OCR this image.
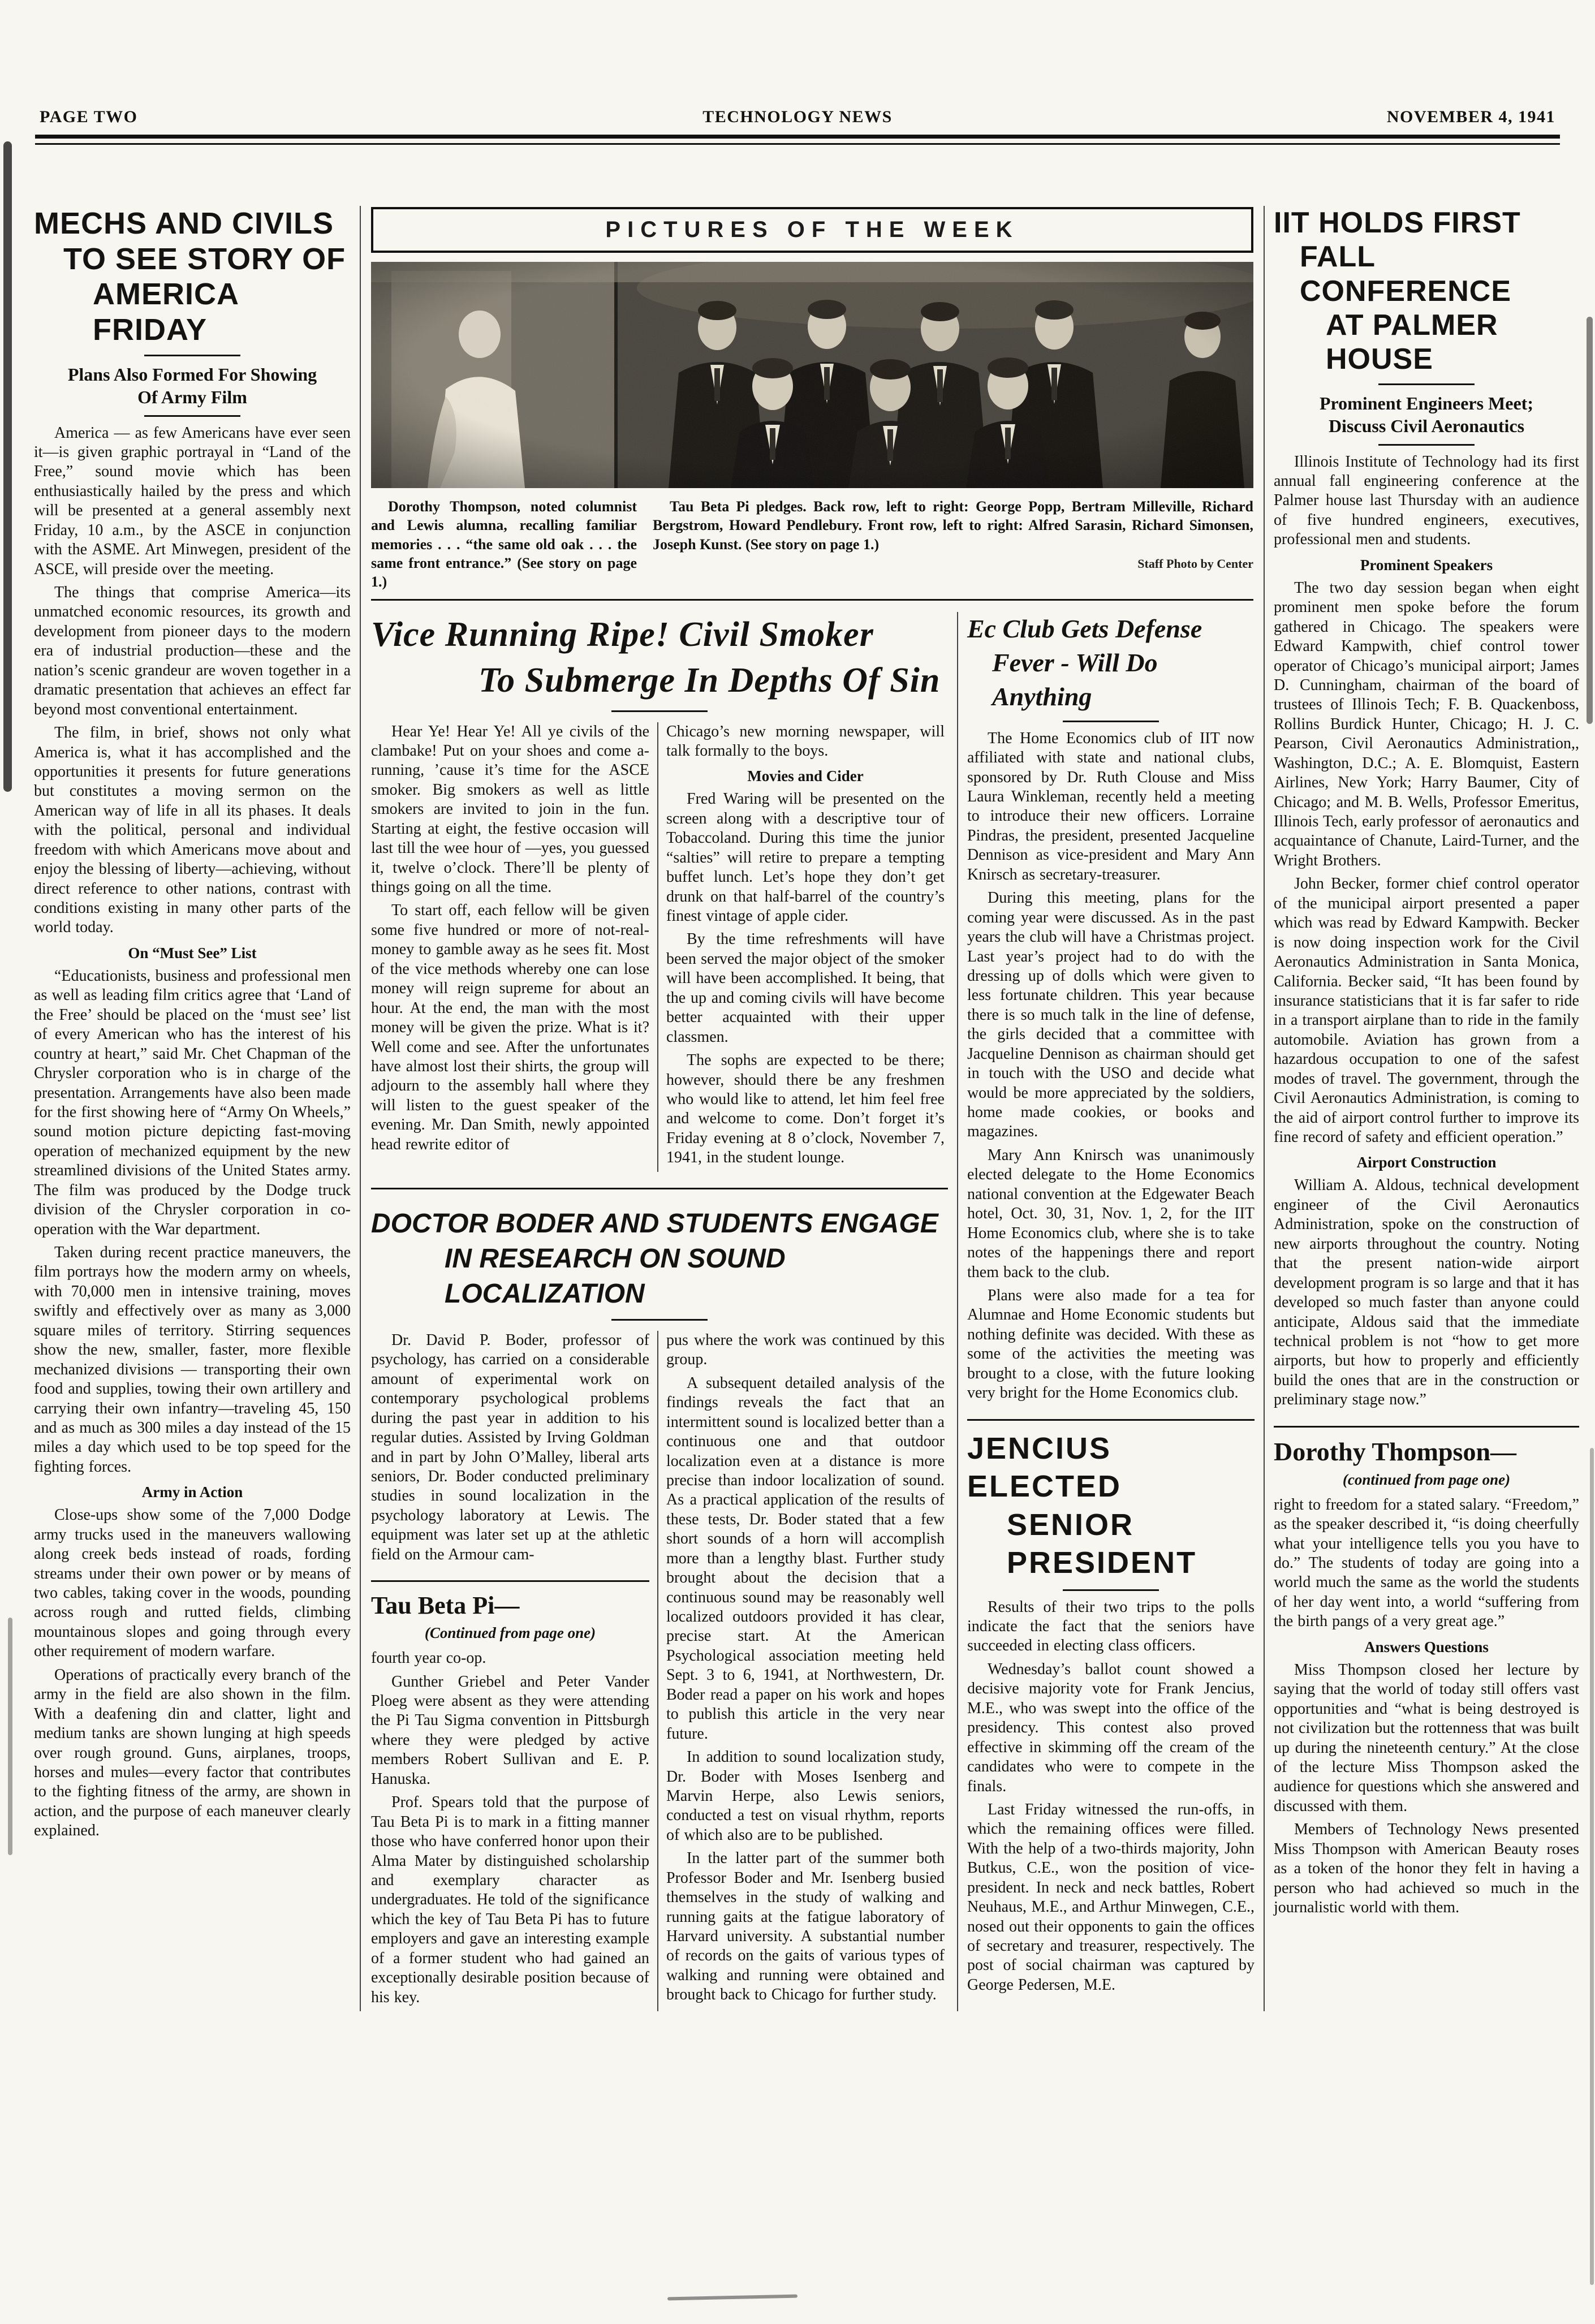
PAGE TWO	TECHNOLOGY NEWS	NOVEMBER 4, 1941
MECHS AND CIVILS
TO SEE STORY OF
AMERICA FRIDAY
Plans Also Formed For Showing
Of Army Film

America — as few Americans have ever seen it—is given graphic portrayal in “Land of the Free,” sound movie which has been enthusiastically hailed by the press and which will be presented at a general assembly next Friday, 10 a.m., by the ASCE in conjunction with the ASME. Art Minwegen, president of the ASCE, will preside over the meeting.

The things that comprise America—its unmatched economic resources, its growth and development from pioneer days to the modern era of industrial production—these and the nation’s scenic grandeur are woven together in a dramatic presentation that achieves an effect far beyond most conventional entertainment.

The film, in brief, shows not only what America is, what it has accomplished and the opportunities it presents for future generations but constitutes a moving sermon on the American way of life in all its phases. It deals with the political, personal and individual freedom with which Americans move about and enjoy the blessing of liberty—achieving, without direct reference to other nations, contrast with conditions existing in many other parts of the world today.

On “Must See” List

“Educationists, business and professional men as well as leading film critics agree that ‘Land of the Free’ should be placed on the ‘must see’ list of every American who has the interest of his country at heart,” said Mr. Chet Chapman of the Chrysler corporation who is in charge of the presentation. Arrangements have also been made for the first showing here of “Army On Wheels,” sound motion picture depicting fast-moving operation of mechanized equipment by the new streamlined divisions of the United States army. The film was produced by the Dodge truck division of the Chrysler corporation in co-operation with the War department.

Taken during recent practice maneuvers, the film portrays how the modern army on wheels, with 70,000 men in intensive training, moves swiftly and effectively over as many as 3,000 square miles of territory. Stirring sequences show the new, smaller, faster, more flexible mechanized divisions — transporting their own food and supplies, towing their own artillery and carrying their own infantry—traveling 45, 150 and as much as 300 miles a day instead of the 15 miles a day which used to be top speed for the fighting forces.

Army in Action

Close-ups show some of the 7,000 Dodge army trucks used in the maneuvers wallowing along creek beds instead of roads, fording streams under their own power or by means of two cables, taking cover in the woods, pounding across rough and rutted fields, climbing mountainous slopes and going through every other requirement of modern warfare.

Operations of practically every branch of the army in the field are also shown in the film. With a deafening din and clatter, light and medium tanks are shown lunging at high speeds over rough ground. Guns, airplanes, troops, horses and mules—every factor that contributes to the fighting fitness of the army, are shown in action, and the purpose of each maneuver clearly explained.

PICTURES OF THE WEEK
Dorothy Thompson, noted columnist and Lewis alumna, recalling familiar memories . . . “the same old oak . . . the same front entrance.” (See story on page 1.)
Tau Beta Pi pledges. Back row, left to right: George Popp, Bertram Milleville, Richard Bergstrom, Howard Pendlebury. Front row, left to right: Alfred Sarasin, Richard Simonsen, Joseph Kunst. (See story on page 1.)
Staff Photo by Center
Vice Running Ripe! Civil Smoker
To Submerge In Depths Of Sin

Hear Ye! Hear Ye! All ye civils of the clambake! Put on your shoes and come a-running, ’cause it’s time for the ASCE smoker. Big smokers as well as little smokers are invited to join in the fun. Starting at eight, the festive occasion will last till the wee hour of —yes, you guessed it, twelve o’clock. There’ll be plenty of things going on all the time.

To start off, each fellow will be given some five hundred or more of not-real-money to gamble away as he sees fit. Most of the vice methods whereby one can lose money will reign supreme for about an hour. At the end, the man with the most money will be given the prize. What is it? Well come and see. After the unfortunates have almost lost their shirts, the group will adjourn to the assembly hall where they will listen to the guest speaker of the evening. Mr. Dan Smith, newly appointed head rewrite editor of

Chicago’s new morning newspaper, will talk formally to the boys.

Movies and Cider

Fred Waring will be presented on the screen along with a descriptive tour of Tobaccoland. During this time the junior “salties” will retire to prepare a tempting buffet lunch. Let’s hope they don’t get drunk on that half-barrel of the country’s finest vintage of apple cider.

By the time refreshments will have been served the major object of the smoker will have been accomplished. It being, that the up and coming civils will have become better acquainted with their upper classmen.

The sophs are expected to be there; however, should there be any freshmen who would like to attend, let him feel free and welcome to come. Don’t forget it’s Friday evening at 8 o’clock, November 7, 1941, in the student lounge.

DOCTOR BODER AND STUDENTS ENGAGE
IN RESEARCH ON SOUND LOCALIZATION

Dr. David P. Boder, professor of psychology, has carried on a considerable amount of experimental work on contemporary psychological problems during the past year in addition to his regular duties. Assisted by Irving Goldman and in part by John O’Malley, liberal arts seniors, Dr. Boder conducted preliminary studies in sound localization in the psychology laboratory at Lewis. The equipment was later set up at the athletic field on the Armour cam-

Tau Beta Pi—
(Continued from page one)

fourth year co-op.

Gunther Griebel and Peter Vander Ploeg were absent as they were attending the Pi Tau Sigma convention in Pittsburgh where they were pledged by active members Robert Sullivan and E. P. Hanuska.

Prof. Spears told that the purpose of Tau Beta Pi is to mark in a fitting manner those who have conferred honor upon their Alma Mater by distinguished scholarship and exemplary character as undergraduates. He told of the significance which the key of Tau Beta Pi has to future employers and gave an interesting example of a former student who had gained an exceptionally desirable position because of his key.

pus where the work was continued by this group.

A subsequent detailed analysis of the findings reveals the fact that an intermittent sound is localized better than a continuous one and that outdoor localization even at a distance is more precise than indoor localization of sound. As a practical application of the results of these tests, Dr. Boder stated that a few short sounds of a horn will accomplish more than a lengthy blast. Further study brought about the decision that a continuous sound may be reasonably well localized outdoors provided it has clear, precise start. At the American Psychological association meeting held Sept. 3 to 6, 1941, at Northwestern, Dr. Boder read a paper on his work and hopes to publish this article in the very near future.

In addition to sound localization study, Dr. Boder with Moses Isenberg and Marvin Herpe, also Lewis seniors, conducted a test on visual rhythm, reports of which also are to be published.

In the latter part of the summer both Professor Boder and Mr. Isenberg busied themselves in the study of walking and running gaits at the fatigue laboratory of Harvard university. A substantial number of records on the gaits of various types of walking and running were obtained and brought back to Chicago for further study.

Ec Club Gets Defense
Fever - Will Do Anything

The Home Economics club of IIT now affiliated with state and national clubs, sponsored by Dr. Ruth Clouse and Miss Laura Winkleman, recently held a meeting to introduce their new officers. Lorraine Pindras, the president, presented Jacqueline Dennison as vice-president and Mary Ann Knirsch as secretary-treasurer.

During this meeting, plans for the coming year were discussed. As in the past years the club will have a Christmas project. Last year’s project had to do with the dressing up of dolls which were given to less fortunate children. This year because there is so much talk in the line of defense, the girls decided that a committee with Jacqueline Dennison as chairman should get in touch with the USO and decide what would be more appreciated by the soldiers, home made cookies, or books and magazines.

Mary Ann Knirsch was unanimously elected delegate to the Home Economics national convention at the Edgewater Beach hotel, Oct. 30, 31, Nov. 1, 2, for the IIT Home Economics club, where she is to take notes of the happenings there and report them back to the club.

Plans were also made for a tea for Alumnae and Home Economic students but nothing definite was decided. With these as some of the activities the meeting was brought to a close, with the future looking very bright for the Home Economics club.

JENCIUS ELECTED
SENIOR PRESIDENT

Results of their two trips to the polls indicate the fact that the seniors have succeeded in electing class officers.

Wednesday’s ballot count showed a decisive majority vote for Frank Jencius, M.E., who was swept into the office of the presidency. This contest also proved effective in skimming off the cream of the candidates who were to compete in the finals.

Last Friday witnessed the run-offs, in which the remaining offices were filled. With the help of a two-thirds majority, John Butkus, C.E., won the position of vice-president. In neck and neck battles, Robert Neuhaus, M.E., and Arthur Minwegen, C.E., nosed out their opponents to gain the offices of secretary and treasurer, respectively. The post of social chairman was captured by George Pedersen, M.E.

IIT HOLDS FIRST
FALL CONFERENCE
AT PALMER HOUSE
Prominent Engineers Meet;
Discuss Civil Aeronautics

Illinois Institute of Technology had its first annual fall engineering conference at the Palmer house last Thursday with an audience of five hundred engineers, executives, professional men and students.

Prominent Speakers

The two day session began when eight prominent men spoke before the forum gathered in Chicago. The speakers were Edward Kampwith, chief control tower operator of Chicago’s municipal airport; James D. Cunningham, chairman of the board of trustees of Illinois Tech; F. B. Quackenboss, Rollins Burdick Hunter, Chicago; H. J. C. Pearson, Civil Aeronautics Administration,, Washington, D.C.; A. E. Blomquist, Eastern Airlines, New York; Harry Baumer, City of Chicago; and M. B. Wells, Professor Emeritus, Illinois Tech, early professor of aeronautics and acquaintance of Chanute, Laird-Turner, and the Wright Brothers.

John Becker, former chief control operator of the municipal airport presented a paper which was read by Edward Kampwith. Becker is now doing inspection work for the Civil Aeronautics Administration in Santa Monica, California. Becker said, “It has been found by insurance statisticians that it is far safer to ride in a transport airplane than to ride in the family automobile. Aviation has grown from a hazardous occupation to one of the safest modes of travel. The government, through the Civil Aeronautics Administration, is coming to the aid of airport control further to improve its fine record of safety and efficient operation.”

Airport Construction

William A. Aldous, technical development engineer of the Civil Aeronautics Administration, spoke on the construction of new airports throughout the country. Noting that the present nation-wide airport development program is so large and that it has developed so much faster than anyone could anticipate, Aldous said that the immediate technical problem is not “how to get more airports, but how to properly and efficiently build the ones that are in the construction or preliminary stage now.”

Dorothy Thompson—
(continued from page one)

right to freedom for a stated salary. “Freedom,” as the speaker described it, “is doing cheerfully what your intelligence tells you you have to do.” The students of today are going into a world much the same as the world the students of her day went into, a world “suffering from the birth pangs of a very great age.”

Answers Questions

Miss Thompson closed her lecture by saying that the world of today still offers vast opportunities and “what is being destroyed is not civilization but the rottenness that was built up during the nineteenth century.” At the close of the lecture Miss Thompson asked the audience for questions which she answered and discussed with them.

Members of Technology News presented Miss Thompson with American Beauty roses as a token of the honor they felt in having a person who had achieved so much in the journalistic world with them.
